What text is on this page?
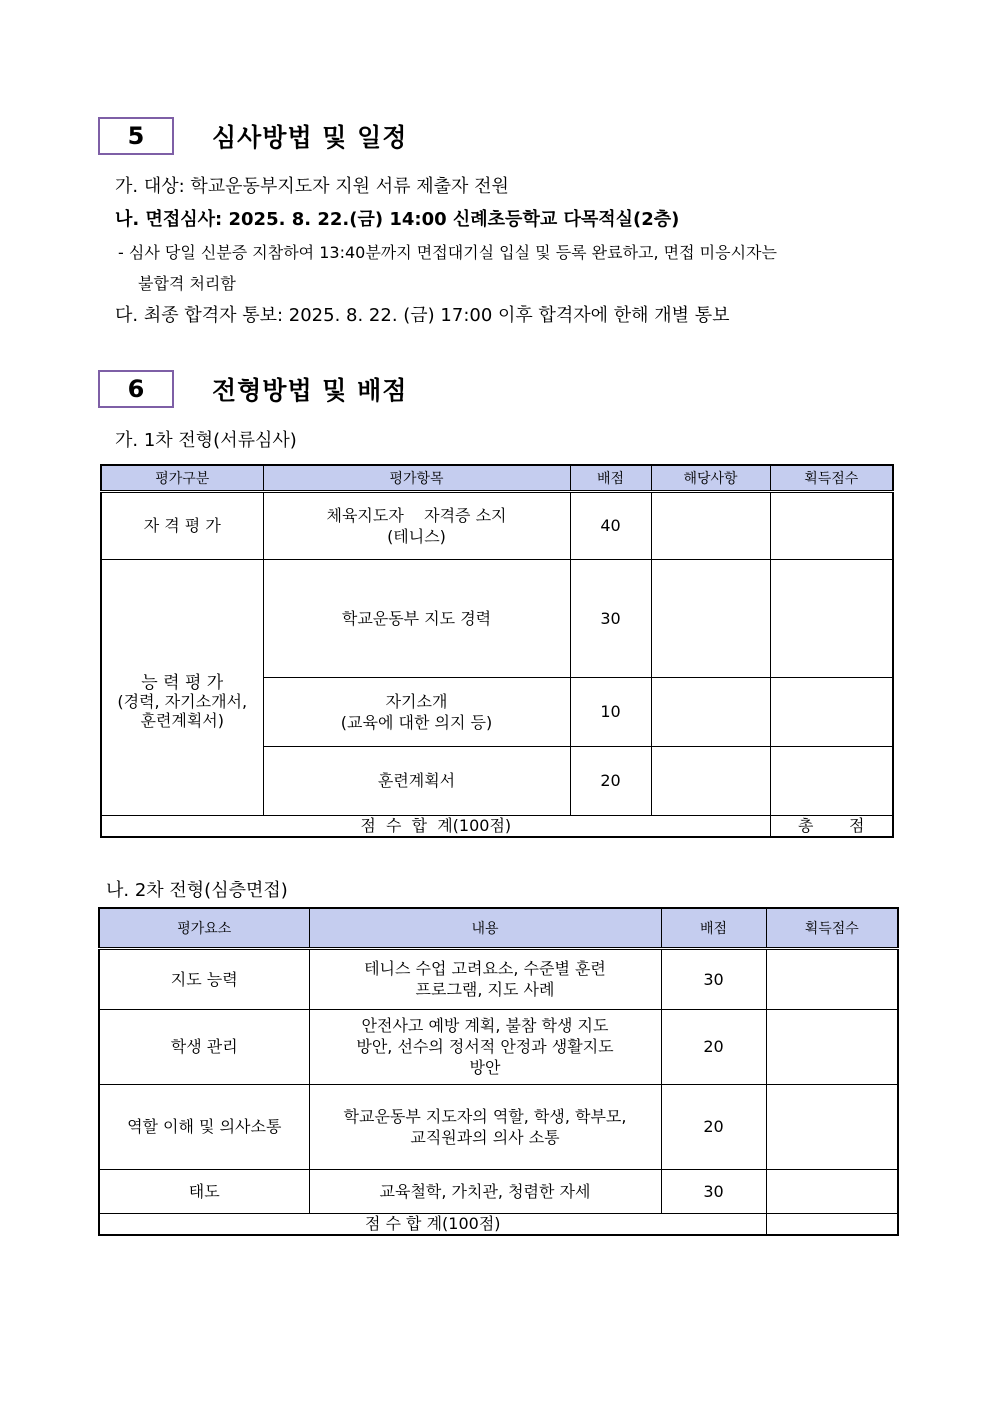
5	심사방법 및 일정
가. 대상: 학교운동부지도자 지원 서류 제출자 전원
나. 면접심사: 2025. 8. 22.(금) 14:00 신례초등학교 다목적실(2층)
- 심사 당일 신분증 지참하여 13:40분까지 면접대기실 입실 및 등록 완료하고, 면접 미응시자는
불합격 처리함
다. 최종 합격자 통보: 2025. 8. 22. (금) 17:00 이후 합격자에 한해 개별 통보
6	전형방법 및 배점
가. 1차 전형(서류심사)
평가구분	평가항목	배점	해당사항	획득점수
자 격 평 가	체육지도자    자격증 소지
(테니스)	40		

능 력 평 가
(경력, 자기소개서,
훈련계획서)	학교운동부 지도 경력	30		

	자기소개
(교육에 대한 의지 등)	10		

	훈련계획서	20		
점  수  합  계(100점)				총       점
나. 2차 전형(심층면접)
평가요소	내용	배점	획득점수
지도 능력	테니스 수업 고려요소, 수준별 훈련
프로그램, 지도 사례	30	
학생 관리	안전사고 예방 계획, 불참 학생 지도
방안, 선수의 정서적 안정과 생활지도
방안	20	
역할 이해 및 의사소통	학교운동부 지도자의 역할, 학생, 학부모,
교직원과의 의사 소통	20	
태도	교육철학, 가치관, 청렴한 자세	30	
점 수 합 계(100점)			
